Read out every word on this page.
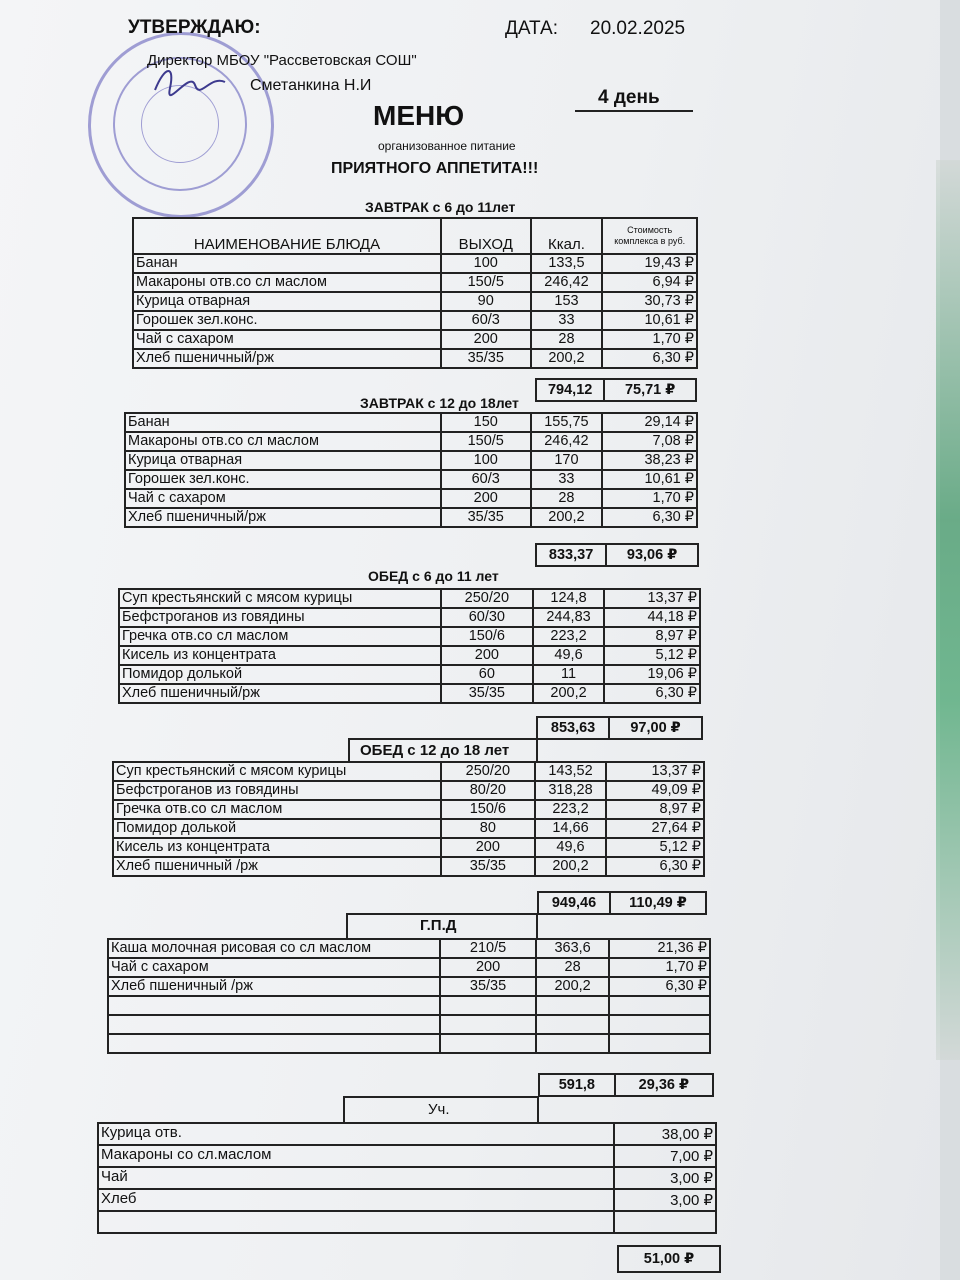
УТВЕРЖДАЮ:
Директор МБОУ "Рассветовская СОШ"
Сметанкина Н.И
ДАТА: 20.02.2025
4 день
МЕНЮ
организованное питание
ПРИЯТНОГО АППЕТИТА!!!
ЗАВТРАК с 6 до 11лет
НАИМЕНОВАНИЕ БЛЮДА	ВЫХОД	Ккал.	Стоимость комплекса в руб.
Банан	100	133,5	19,43 ₽
Макароны отв.со сл маслом	150/5	246,42	6,94 ₽
Курица отварная	90	153	30,73 ₽
Горошек зел.конс.	60/3	33	10,61 ₽
Чай с сахаром	200	28	1,70 ₽
Хлеб пшеничный/рж	35/35	200,2	6,30 ₽
794,12	75,71 ₽
ЗАВТРАК с 12 до 18лет
Банан	150	155,75	29,14 ₽
Макароны отв.со сл маслом	150/5	246,42	7,08 ₽
Курица отварная	100	170	38,23 ₽
Горошек зел.конс.	60/3	33	10,61 ₽
Чай с сахаром	200	28	1,70 ₽
Хлеб пшеничный/рж	35/35	200,2	6,30 ₽
833,37	93,06 ₽
ОБЕД с 6 до 11 лет
Суп крестьянский с мясом курицы	250/20	124,8	13,37 ₽
Бефстроганов из говядины	60/30	244,83	44,18 ₽
Гречка отв.со сл маслом	150/6	223,2	8,97 ₽
Кисель из концентрата	200	49,6	5,12 ₽
Помидор долькой	60	11	19,06 ₽
Хлеб пшеничный/рж	35/35	200,2	6,30 ₽
853,63	97,00 ₽
ОБЕД с 12 до 18 лет
Суп крестьянский с мясом курицы	250/20	143,52	13,37 ₽
Бефстроганов из говядины	80/20	318,28	49,09 ₽
Гречка отв.со сл маслом	150/6	223,2	8,97 ₽
Помидор долькой	80	14,66	27,64 ₽
Кисель из концентрата	200	49,6	5,12 ₽
Хлеб пшеничный /рж	35/35	200,2	6,30 ₽
949,46	110,49 ₽
Г.П.Д
Каша молочная рисовая со сл маслом	210/5	363,6	21,36 ₽
Чай с сахаром	200	28	1,70 ₽
Хлеб пшеничный /рж	35/35	200,2	6,30 ₽

591,8	29,36 ₽
Уч.
Курица отв.	38,00 ₽
Макароны со сл.маслом	7,00 ₽
Чай	3,00 ₽
Хлеб	3,00 ₽

51,00 ₽
